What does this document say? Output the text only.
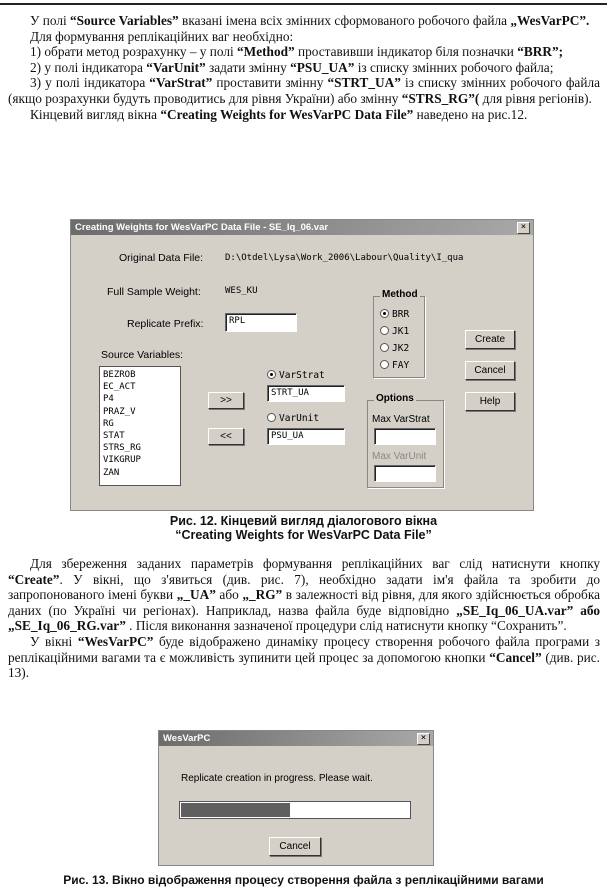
У полі “Source Variables” вказані імена всіх змінних сформованого робочого файла „WesVarPC”.

Для формування реплікаційних ваг необхідно:

1) обрати метод розрахунку – у полі “Method” проставивши індикатор біля позначки “BRR”;

2) у полі індикатора “VarUnit” задати змінну “PSU_UA” із списку змінних робочого файла;

3) у полі індикатора “VarStrat” проставити змінну “STRT_UA” із списку змінних робочого файла (якщо розрахунки будуть проводитись для рівня України) або змінну “STRS_RG”( для рівня регіонів).

Кінцевий вигляд вікна “Creating Weights for WesVarPC Data File” наведено на рис.12.

Creating Weights for WesVarPC Data File - SE_Iq_06.var	×
Original Data File: D:\Otdel\Lysa\Work_2006\Labour\Quality\I_qua
Full Sample Weight:	WES_KU
Replicate Prefix:	RPL
Source Variables:
BEZROB
EC_ACT
P4
PRAZ_V
RG
STAT
STRS_RG
VIKGRUP
ZAN
>>
<<
VarStrat
STRT_UA
VarUnit
PSU_UA
Method
BRR
JK1
JK2
FAY
Options
Max VarStrat
Max VarUnit
Create
Cancel
Help
Рис. 12. Кінцевий вигляд діалогового вікна
“Creating Weights for WesVarPC Data File”

Для збереження заданих параметрів формування реплікаційних ваг слід натиснути кнопку “Create”. У вікні, що з'явиться (див. рис. 7), необхідно задати ім'я файла та зробити до запропонованого імені букви „_UA” або „_RG” в залежності від рівня, для якого здійснюється обробка даних (по Україні чи регіонах). Наприклад, назва файла буде відповідно „SE_Iq_06_UA.var” або „SE_Iq_06_RG.var” . Після виконання зазначеної процедури слід натиснути кнопку “Сохранить”.

У вікні “WesVarPC” буде відображено динаміку процесу створення робочого файла програми з реплікаційними вагами та є можливість зупинити цей процес за допомогою кнопки “Cancel” (див. рис. 13).

WesVarPC	×
Replicate creation in progress. Please wait.
Cancel
Рис. 13. Вікно відображення процесу створення файла з реплікаційними вагами
